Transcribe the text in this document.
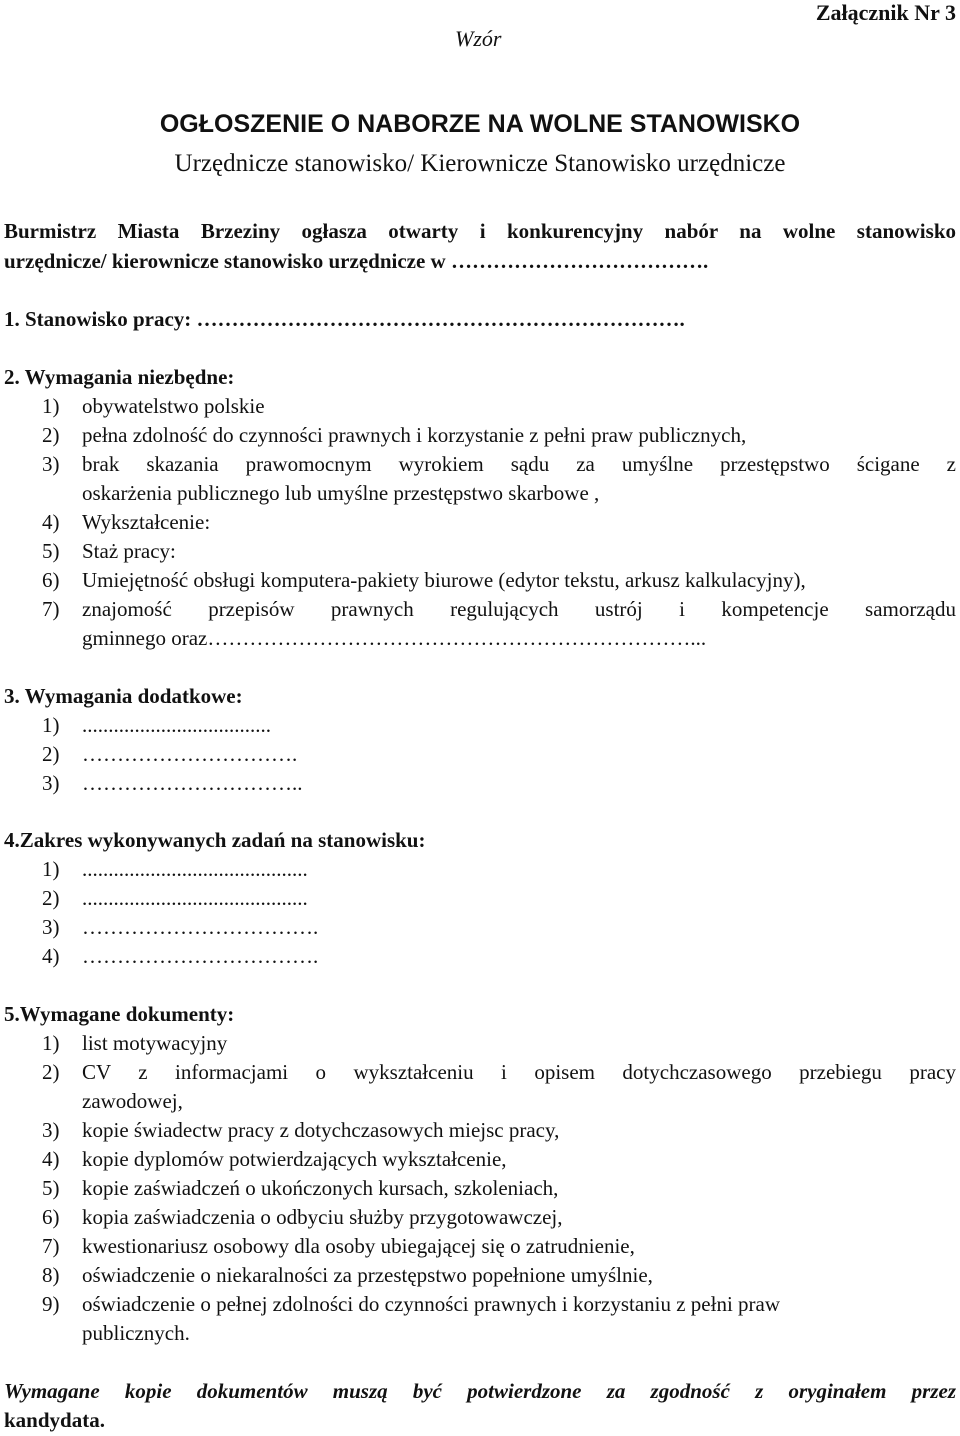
Wzór
Załącznik Nr 3
OGŁOSZENIE O NABORZE NA WOLNE STANOWISKO
Urzędnicze stanowisko/ Kierownicze Stanowisko urzędnicze
Burmistrz Miasta Brzeziny ogłasza otwarty i konkurencyjny nabór na wolne stanowisko
urzędnicze/ kierownicze stanowisko urzędnicze w ……………………………….
1. Stanowisko pracy: …………………………………………………………….
2. Wymagania niezbędne:
1) obywatelstwo polskie
2) pełna zdolność do czynności prawnych i korzystanie z pełni praw publicznych,
3) brak skazania prawomocnym wyrokiem sądu za umyślne przestępstwo ścigane z
oskarżenia publicznego lub umyślne przestępstwo skarbowe ,
4) Wykształcenie:
5) Staż pracy:
6) Umiejętność obsługi komputera-pakiety biurowe (edytor tekstu, arkusz kalkulacyjny),
7) znajomość przepisów prawnych regulujących ustrój i kompetencje samorządu
gminnego oraz……………………………………………………………...
3. Wymagania dodatkowe:
1) ....................................
2) ………………………….
3) …………………………..
4.Zakres wykonywanych zadań na stanowisku:
1) ...........................................
2) ...........................................
3) …………………………….
4) …………………………….
5.Wymagane dokumenty:
1) list motywacyjny
2) CV z informacjami o wykształceniu i opisem dotychczasowego przebiegu pracy
zawodowej,
3) kopie świadectw pracy z dotychczasowych miejsc pracy,
4) kopie dyplomów potwierdzających wykształcenie,
5) kopie zaświadczeń o ukończonych kursach, szkoleniach,
6) kopia zaświadczenia o odbyciu służby przygotowawczej,
7) kwestionariusz osobowy dla osoby ubiegającej się o zatrudnienie,
8) oświadczenie o niekaralności za przestępstwo popełnione umyślnie,
9) oświadczenie o pełnej zdolności do czynności prawnych i korzystaniu z pełni praw
publicznych.
Wymagane kopie dokumentów muszą być potwierdzone za zgodność z oryginałem przez
kandydata.
